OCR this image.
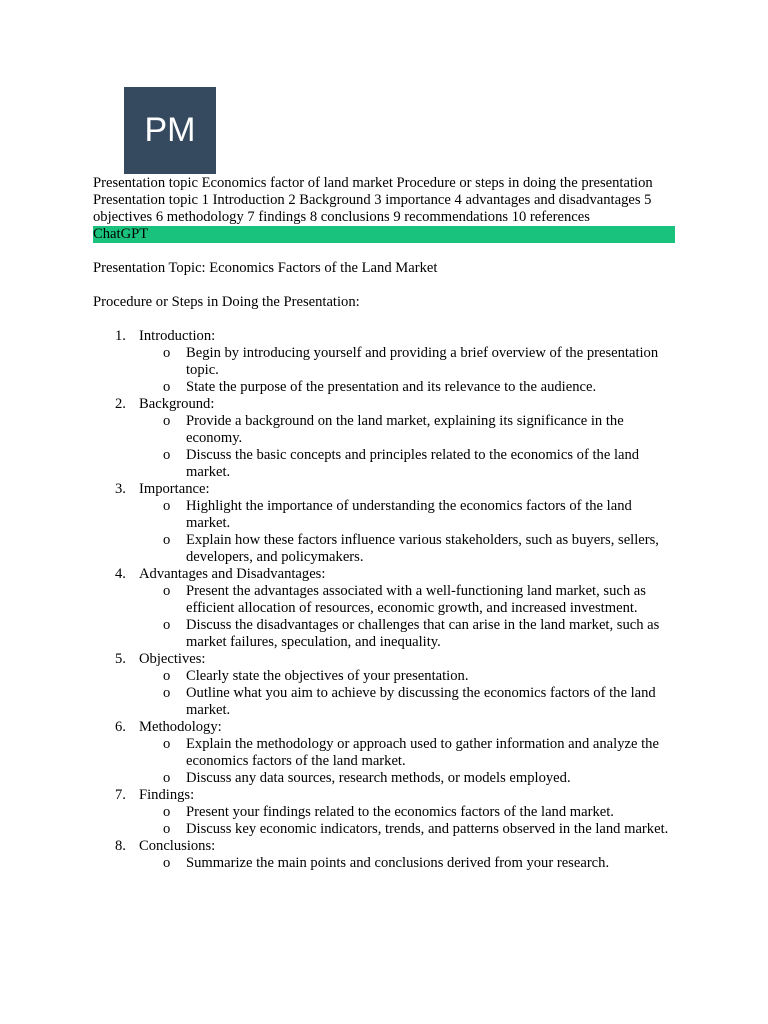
PM

Presentation topic Economics factor of land market Procedure or steps in doing the presentation Presentation topic 1 Introduction 2 Background 3 importance 4 advantages and disadvantages 5 objectives 6 methodology 7 findings 8 conclusions 9 recommendations 10 references

ChatGPT

Presentation Topic: Economics Factors of the Land Market

Procedure or Steps in Doing the Presentation:

1. Introduction:
o Begin by introducing yourself and providing a brief overview of the presentation topic.
o State the purpose of the presentation and its relevance to the audience.
2. Background:
o Provide a background on the land market, explaining its significance in the economy.
o Discuss the basic concepts and principles related to the economics of the land market.
3. Importance:
o Highlight the importance of understanding the economics factors of the land market.
o Explain how these factors influence various stakeholders, such as buyers, sellers, developers, and policymakers.
4. Advantages and Disadvantages:
o Present the advantages associated with a well-functioning land market, such as efficient allocation of resources, economic growth, and increased investment.
o Discuss the disadvantages or challenges that can arise in the land market, such as market failures, speculation, and inequality.
5. Objectives:
o Clearly state the objectives of your presentation.
o Outline what you aim to achieve by discussing the economics factors of the land market.
6. Methodology:
o Explain the methodology or approach used to gather information and analyze the economics factors of the land market.
o Discuss any data sources, research methods, or models employed.
7. Findings:
o Present your findings related to the economics factors of the land market.
o Discuss key economic indicators, trends, and patterns observed in the land market.
8. Conclusions:
o Summarize the main points and conclusions derived from your research.
